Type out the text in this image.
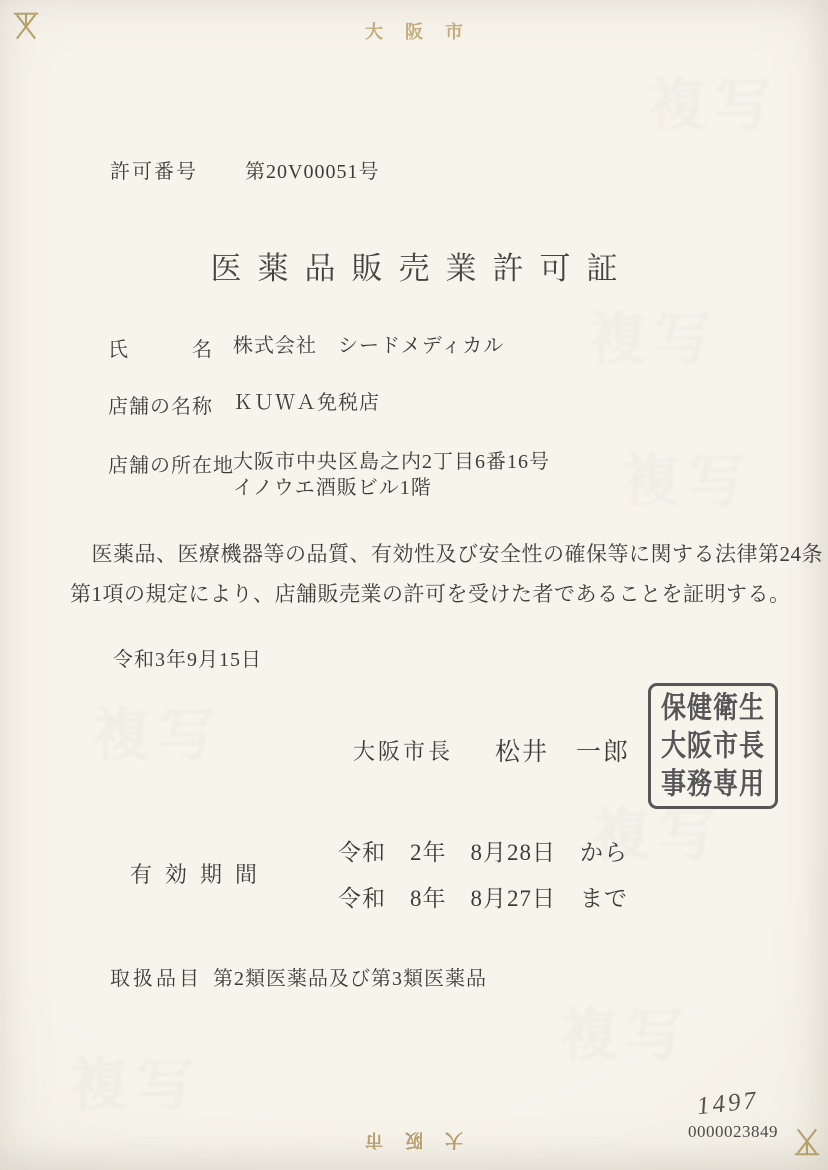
大阪市
大阪市
複写
複写
複写
複写
複写
複写
複写
許可番号 第20V00051号
医薬品販売業許可証
氏　　　名 株式会社　シードメディカル
店舗の名称 ＫＵＷＡ免税店
店舗の所在地 大阪市中央区島之内2丁目6番16号
イノウエ酒販ビル1階
　医薬品、医療機器等の品質、有効性及び安全性の確保等に関する法律第24条
第1項の規定により、店舗販売業の許可を受けた者であることを証明する。
令和3年9月15日
大阪市長 松井　一郎
保健衛生
大阪市長
事務専用
有効期間
令和　2年　8月28日　から
令和　8年　8月27日　まで
取扱品目 第2類医薬品及び第3類医薬品
1497
0000023849
